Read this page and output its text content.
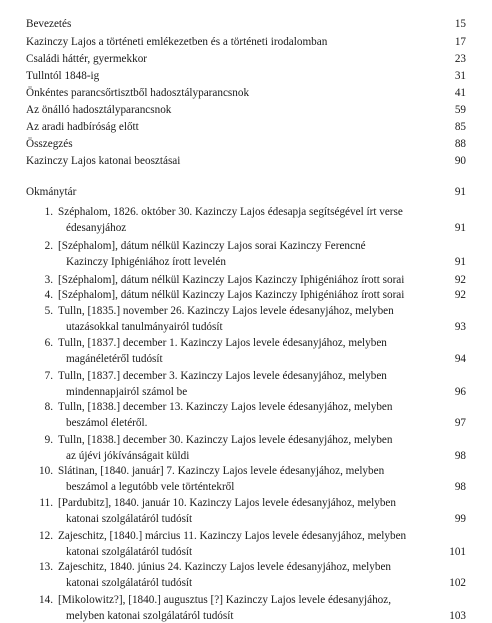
Bevezetés	15
Kazinczy Lajos a történeti emlékezetben és a történeti irodalomban	17
Családi háttér, gyermekkor	23
Tullntól 1848-ig	31
Önkéntes parancsőrtisztből hadosztályparancsnok	41
Az önálló hadosztályparancsnok	59
Az aradi hadbíróság előtt	85
Összegzés	88
Kazinczy Lajos katonai beosztásai	90
Okmánytár	91
1. Széphalom, 1826. október 30. Kazinczy Lajos édesapja segítségével írt verse
édesanyjához	91
2. [Széphalom], dátum nélkül Kazinczy Lajos sorai Kazinczy Ferencné
Kazinczy Iphigéniához írott levelén	91
3. [Széphalom], dátum nélkül Kazinczy Lajos Kazinczy Iphigéniához írott sorai	92
4. [Széphalom], dátum nélkül Kazinczy Lajos Kazinczy Iphigéniához írott sorai	92
5. Tulln, [1835.] november 26. Kazinczy Lajos levele édesanyjához, melyben
utazásokkal tanulmányairól tudósít	93
6. Tulln, [1837.] december 1. Kazinczy Lajos levele édesanyjához, melyben
magánéletéről tudósít	94
7. Tulln, [1837.] december 3. Kazinczy Lajos levele édesanyjához, melyben
mindennapjairól számol be	96
8. Tulln, [1838.] december 13. Kazinczy Lajos levele édesanyjához, melyben
beszámol életéről.	97
9. Tulln, [1838.] december 30. Kazinczy Lajos levele édesanyjához, melyben
az újévi jókívánságait küldi	98
10. Slátinan, [1840. január] 7. Kazinczy Lajos levele édesanyjához, melyben
beszámol a legutóbb vele történtekről	98
11. [Pardubitz], 1840. január 10. Kazinczy Lajos levele édesanyjához, melyben
katonai szolgálatáról tudósít	99
12. Zajeschitz, [1840.] március 11. Kazinczy Lajos levele édesanyjához, melyben
katonai szolgálatáról tudósít	101
13. Zajeschitz, 1840. június 24. Kazinczy Lajos levele édesanyjához, melyben
katonai szolgálatáról tudósít	102
14. [Mikolowitz?], [1840.] augusztus [?] Kazinczy Lajos levele édesanyjához,
melyben katonai szolgálatáról tudósít	103
